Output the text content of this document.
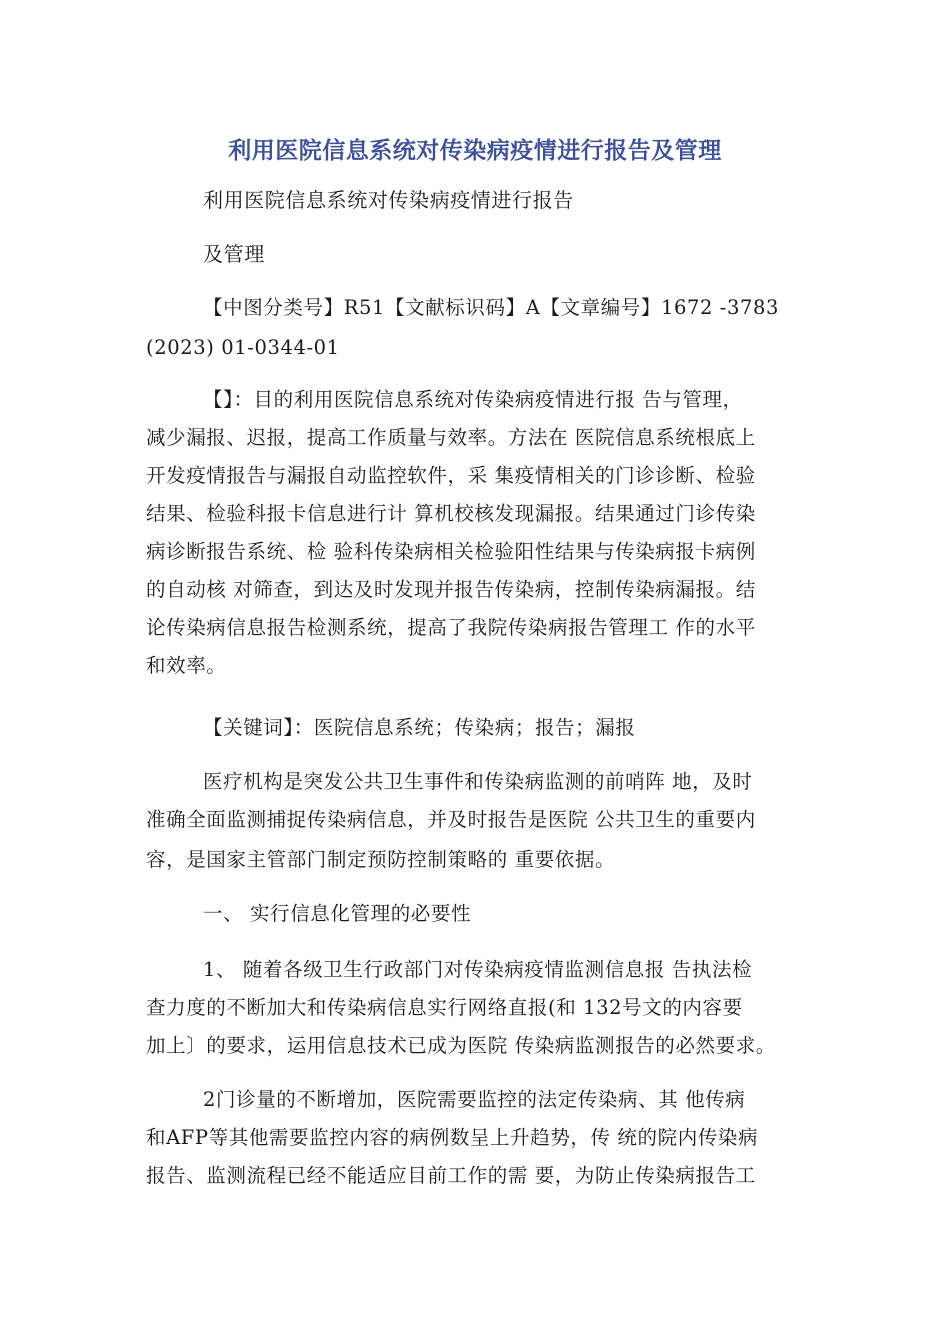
利用医院信息系统对传染病疫情进行报告及管理
利用医院信息系统对传染病疫情进行报告
及管理
【中图分类号】R51【文献标识码】A【文章编号】1672 -3783
(2023) 01-0344-01
【】：目的利用医院信息系统对传染病疫情进行报 告与管理，
减少漏报、迟报，提高工作质量与效率。方法在 医院信息系统根底上
开发疫情报告与漏报自动监控软件，采 集疫情相关的门诊诊断、检验
结果、检验科报卡信息进行计 算机校核发现漏报。结果通过门诊传染
病诊断报告系统、检 验科传染病相关检验阳性结果与传染病报卡病例
的自动核 对筛查，到达及时发现并报告传染病，控制传染病漏报。结
论传染病信息报告检测系统，提高了我院传染病报告管理工 作的水平
和效率。
【关键词】：医院信息系统；传染病；报告；漏报
医疗机构是突发公共卫生事件和传染病监测的前哨阵 地，及时
准确全面监测捕捉传染病信息，并及时报告是医院 公共卫生的重要内
容，是国家主管部门制定预防控制策略的 重要依据。
一、 实行信息化管理的必要性
1、 随着各级卫生行政部门对传染病疫情监测信息报 告执法检
查力度的不断加大和传染病信息实行网络直报(和 132号文的内容要
加上〕的要求，运用信息技术已成为医院 传染病监测报告的必然要求。
2门诊量的不断增加，医院需要监控的法定传染病、其 他传病
和AFP等其他需要监控内容的病例数呈上升趋势，传 统的院内传染病
报告、监测流程已经不能适应目前工作的需 要，为防止传染病报告工
